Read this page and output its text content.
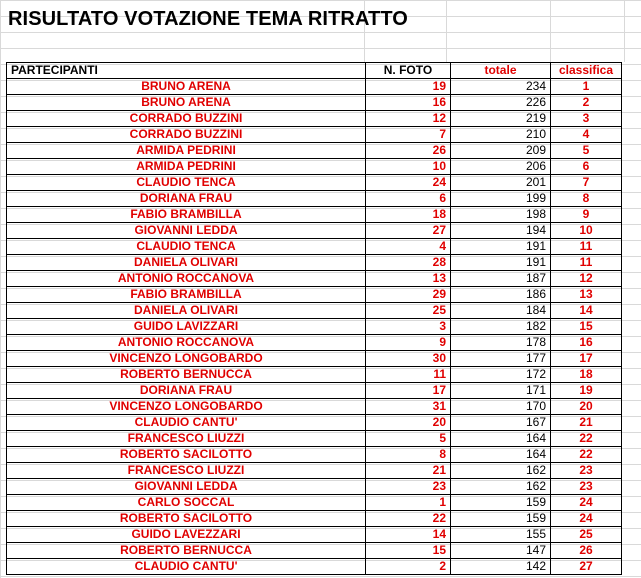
RISULTATO VOTAZIONE TEMA RITRATTO
PARTECIPANTI	N. FOTO	totale	classifica
BRUNO ARENA	19	234	1
BRUNO ARENA	16	226	2
CORRADO BUZZINI	12	219	3
CORRADO BUZZINI	7	210	4
ARMIDA PEDRINI	26	209	5
ARMIDA PEDRINI	10	206	6
CLAUDIO TENCA	24	201	7
DORIANA FRAU	6	199	8
FABIO BRAMBILLA	18	198	9
GIOVANNI LEDDA	27	194	10
CLAUDIO TENCA	4	191	11
DANIELA OLIVARI	28	191	11
ANTONIO ROCCANOVA	13	187	12
FABIO BRAMBILLA	29	186	13
DANIELA OLIVARI	25	184	14
GUIDO LAVIZZARI	3	182	15
ANTONIO ROCCANOVA	9	178	16
VINCENZO LONGOBARDO	30	177	17
ROBERTO BERNUCCA	11	172	18
DORIANA FRAU	17	171	19
VINCENZO LONGOBARDO	31	170	20
CLAUDIO CANTU'	20	167	21
FRANCESCO LIUZZI	5	164	22
ROBERTO SACILOTTO	8	164	22
FRANCESCO LIUZZI	21	162	23
GIOVANNI LEDDA	23	162	23
CARLO SOCCAL	1	159	24
ROBERTO SACILOTTO	22	159	24
GUIDO LAVEZZARI	14	155	25
ROBERTO BERNUCCA	15	147	26
CLAUDIO CANTU'	2	142	27
